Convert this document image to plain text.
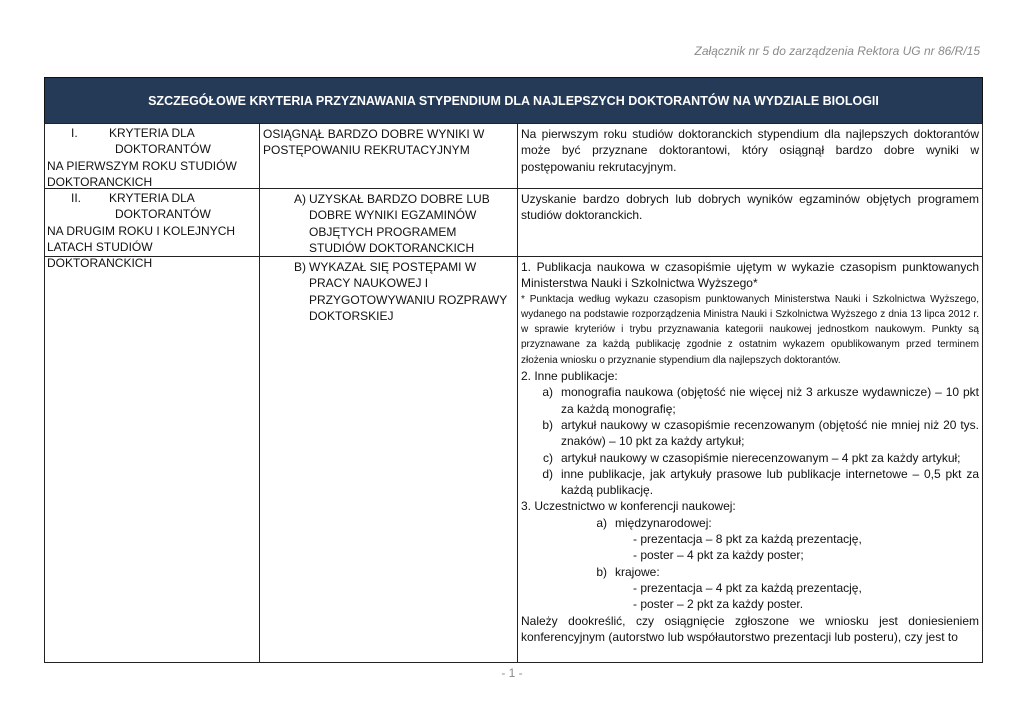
Załącznik nr 5 do zarządzenia Rektora UG nr 86/R/15
SZCZEGÓŁOWE KRYTERIA PRZYZNAWANIA STYPENDIUM DLA NAJLEPSZYCH DOKTORANTÓW NA WYDZIALE BIOLOGII
I.	KRYTERIA DLA
DOKTORANTÓW
NA PIERWSZYM ROKU STUDIÓW DOKTORANCKICH
OSIĄGNĄŁ BARDZO DOBRE WYNIKI W POSTĘPOWANIU REKRUTACYJNYM
Na pierwszym roku studiów doktoranckich stypendium dla najlepszych doktorantów może być przyznane doktorantowi, który osiągnął bardzo dobre wyniki w postępowaniu rekrutacyjnym.
II. KRYTERIA DLA
DOKTORANTÓW
NA DRUGIM ROKU I KOLEJNYCH LATACH STUDIÓW DOKTORANCKICH
A) UZYSKAŁ BARDZO DOBRE LUB DOBRE WYNIKI EGZAMINÓW OBJĘTYCH PROGRAMEM STUDIÓW DOKTORANCKICH
Uzyskanie bardzo dobrych lub dobrych wyników egzaminów objętych programem studiów doktoranckich.
B) WYKAZAŁ SIĘ POSTĘPAMI W PRACY NAUKOWEJ I PRZYGOTOWYWANIU ROZPRAWY DOKTORSKIEJ
1. Publikacja naukowa w czasopiśmie ujętym w wykazie czasopism punktowanych Ministerstwa Nauki i Szkolnictwa Wyższego*
* Punktacja według wykazu czasopism punktowanych Ministerstwa Nauki i Szkolnictwa Wyższego, wydanego na podstawie rozporządzenia Ministra Nauki i Szkolnictwa Wyższego z dnia 13 lipca 2012 r. w sprawie kryteriów i trybu przyznawania kategorii naukowej jednostkom naukowym. Punkty są przyznawane za każdą publikację zgodnie z ostatnim wykazem opublikowanym przed terminem złożenia wniosku o przyznanie stypendium dla najlepszych doktorantów.
2. Inne publikacje:
a) monografia naukowa (objętość nie więcej niż 3 arkusze wydawnicze) – 10 pkt za każdą monografię;
b) artykuł naukowy w czasopiśmie recenzowanym (objętość nie mniej niż 20 tys. znaków) – 10 pkt za każdy artykuł;
c) artykuł naukowy w czasopiśmie nierecenzowanym – 4 pkt za każdy artykuł;
d) inne publikacje, jak artykuły prasowe lub publikacje internetowe – 0,5 pkt za każdą publikację.
3. Uczestnictwo w konferencji naukowej:
a) międzynarodowej:
- prezentacja – 8 pkt za każdą prezentację,
- poster – 4 pkt za każdy poster;
b) krajowe:
- prezentacja – 4 pkt za każdą prezentację,
- poster – 2 pkt za każdy poster.
Należy dookreślić, czy osiągnięcie zgłoszone we wniosku jest doniesieniem konferencyjnym (autorstwo lub współautorstwo prezentacji lub posteru), czy jest to
- 1 -
